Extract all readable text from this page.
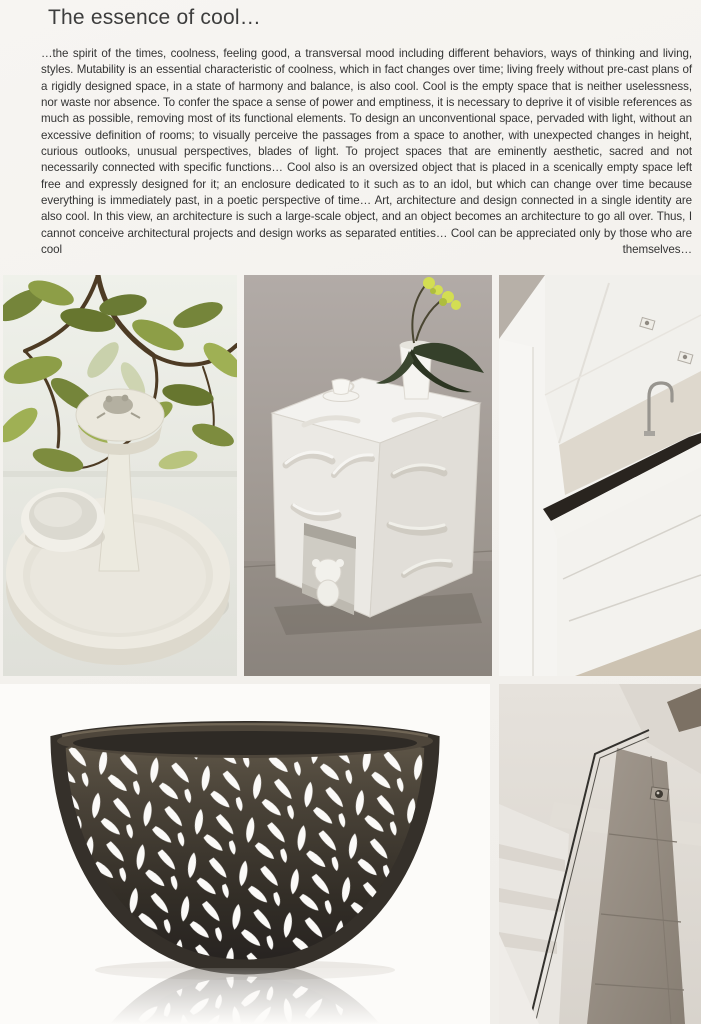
The essence of cool…

…the spirit of the times, coolness, feeling good, a transversal mood including different behaviors, ways of thinking and living, styles. Mutability is an essential characteristic of coolness, which in fact changes over time; living freely without pre-cast plans of a rigidly designed space, in a state of harmony and balance, is also cool. Cool is the empty space that is neither uselessness, nor waste nor absence. To confer the space a sense of power and emptiness, it is necessary to deprive it of visible references as much as possible, removing most of its functional elements. To design an unconventional space, pervaded with light, without an excessive definition of rooms; to visually perceive the passages from a space to another, with unexpected changes in height, curious outlooks, unusual perspectives, blades of light. To project spaces that are eminently aesthetic, sacred and not necessarily connected with specific functions… Cool also is an oversized object that is placed in a scenically empty space left free and expressly designed for it; an enclosure dedicated to it such as to an idol, but which can change over time because everything is immediately past, in a poetic perspective of time… Art, architecture and design connected in a single identity are also cool. In this view, an architecture is such a large-scale object, and an object becomes an architecture to go all over. Thus, I cannot conceive architectural projects and design works as separated entities… Cool can be appreciated only by those who are cool themselves…
